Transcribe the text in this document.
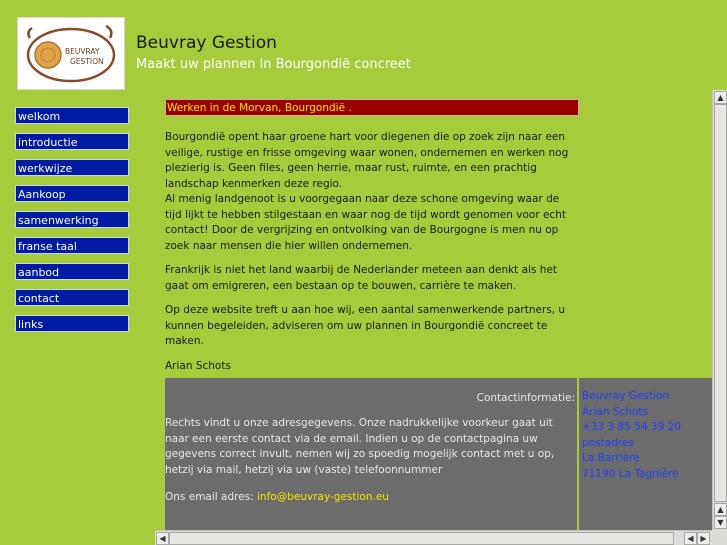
BEUVRAY
GESTION
Beuvray Gestion
Maakt uw plannen in Bourgondië concreet
welkom
introductie
werkwijze
Aankoop
samenwerking
franse taal
aanbod
contact
links
Werken in de Morvan, Bourgondië .

Bourgondië opent haar groene hart voor diegenen die op zoek zijn naar een veilige, rustige en frisse omgeving waar wonen, ondernemen en werken nog plezierig is. Geen files, geen herrie, maar rust, ruimte, en een prachtig landschap kenmerken deze regio.

Al menig landgenoot is u voorgegaan naar deze schone omgeving waar de tijd lijkt te hebben stilgestaan en waar nog de tijd wordt genomen voor echt contact! Door de vergrijzing en ontvolking van de Bourgogne is men nu op zoek naar mensen die hier willen ondernemen.

Frankrijk is niet het land waarbij de Nederlander meteen aan denkt als het gaat om emigreren, een bestaan op te bouwen, carrière te maken.

Op deze website treft u aan hoe wij, een aantal samenwerkende partners, u kunnen begeleiden, adviseren om uw plannen in Bourgondië concreet te maken.

Arian Schots

Contactinformatie:
Rechts vindt u onze adresgegevens. Onze nadrukkelijke voorkeur gaat uit naar een eerste contact via de email. Indien u op de contactpagina uw gegevens correct invult, nemen wij zo spoedig mogelijk contact met u op, hetzij via mail, hetzij via uw (vaste) telefoonnummer
Ons email adres: info@beuvray-gestion.eu
Beuvray Gestion
Arian Schots
+33 3 85 54 39 20
postadres
La Barrière
71190 La Tagnière
▲
▲
▼
◀	◀ ▶
